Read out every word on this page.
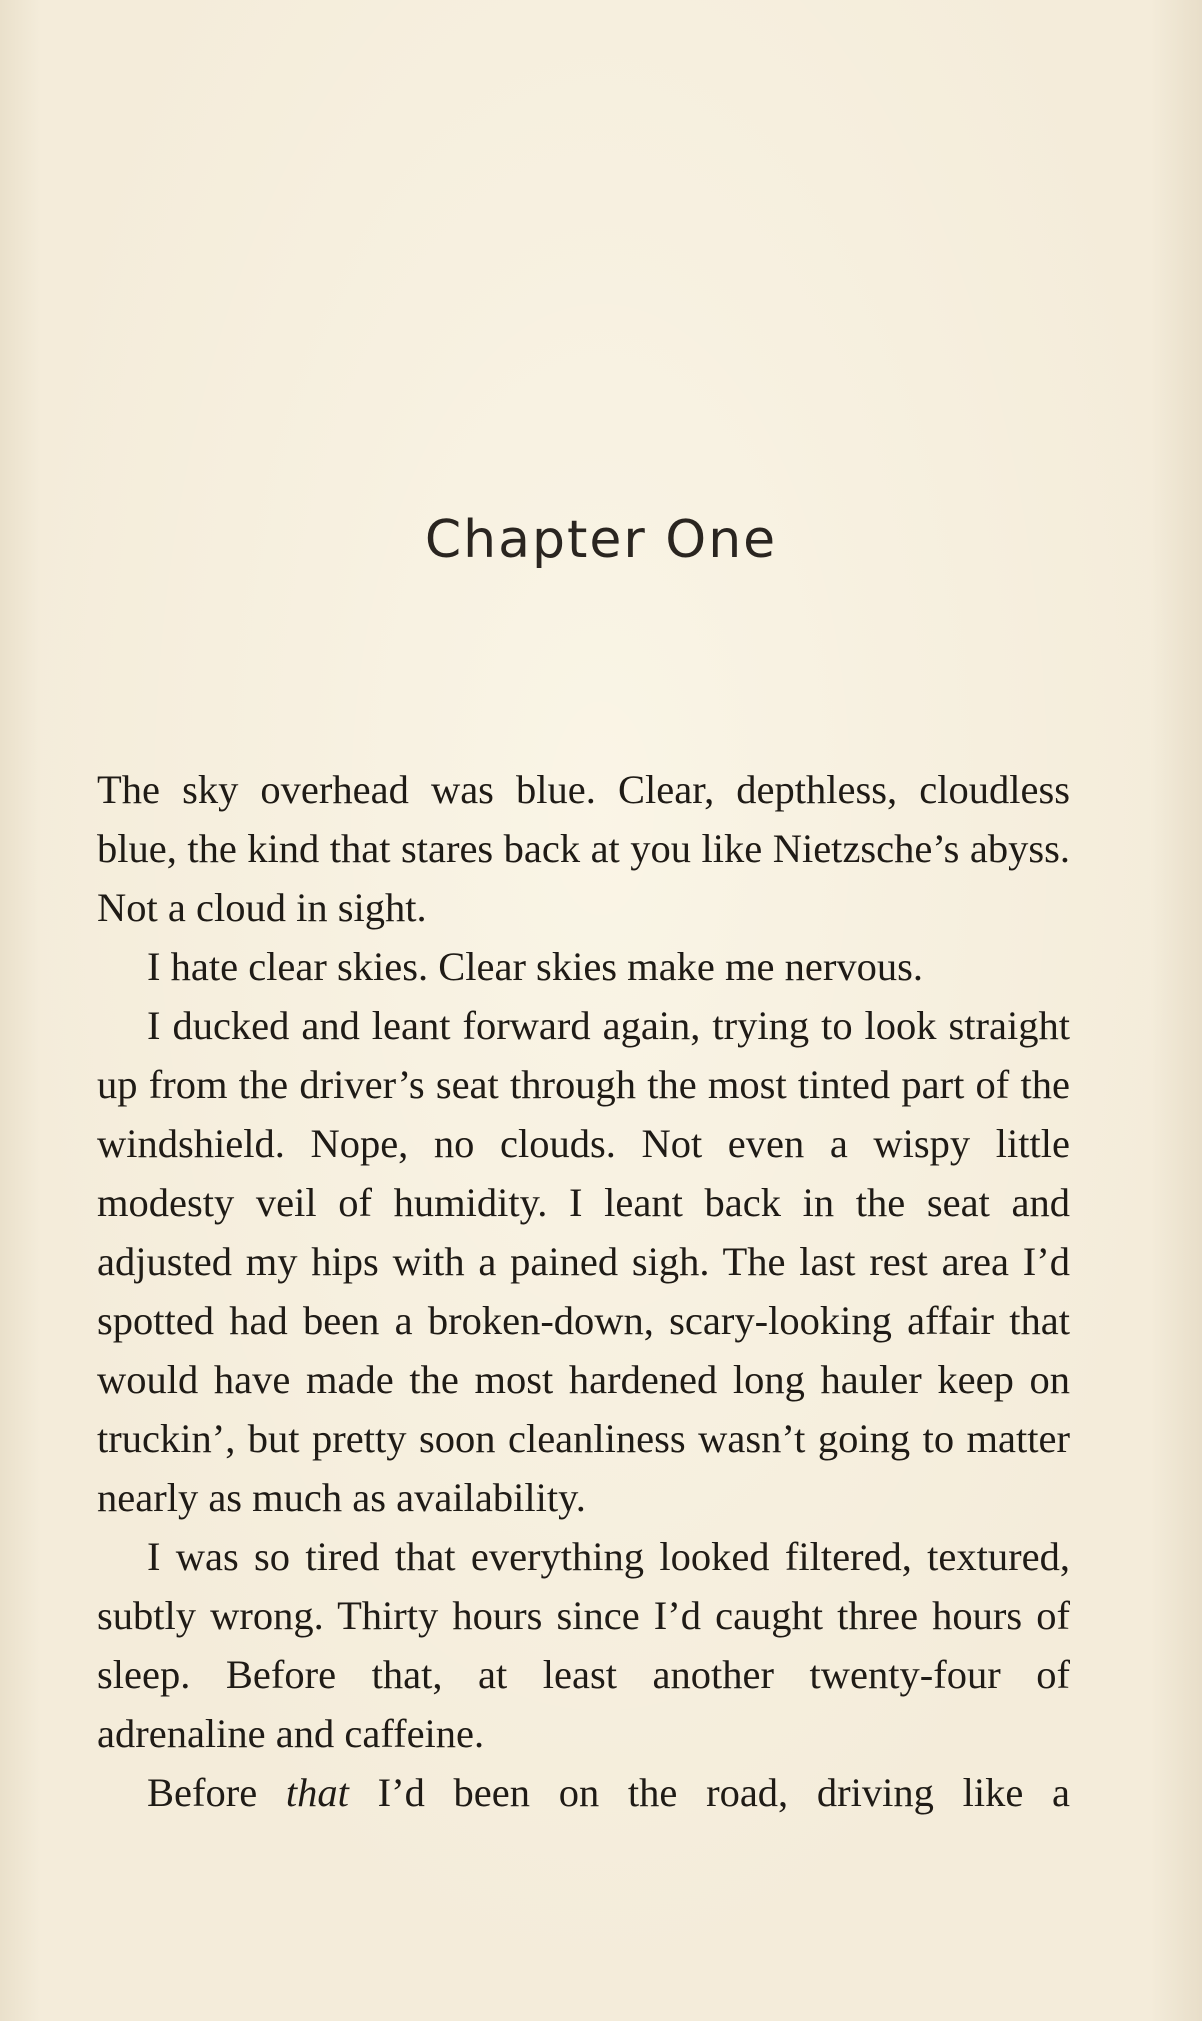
Chapter One

The sky overhead was blue. Clear, depthless, cloudless blue, the kind that stares back at you like Nietzsche’s abyss. Not a cloud in sight.

I hate clear skies. Clear skies make me nervous.

I ducked and leant forward again, trying to look straight up from the driver’s seat through the most tinted part of the windshield. Nope, no clouds. Not even a wispy little modesty veil of humidity. I leant back in the seat and adjusted my hips with a pained sigh. The last rest area I’d spotted had been a broken-down, scary-looking affair that would have made the most hardened long hauler keep on truckin’, but pretty soon cleanliness wasn’t going to matter nearly as much as availability.

I was so tired that everything looked filtered, textured, subtly wrong. Thirty hours since I’d caught three hours of sleep. Before that, at least another twenty-four of adrenaline and caffeine.

Before that I’d been on the road, driving like a
